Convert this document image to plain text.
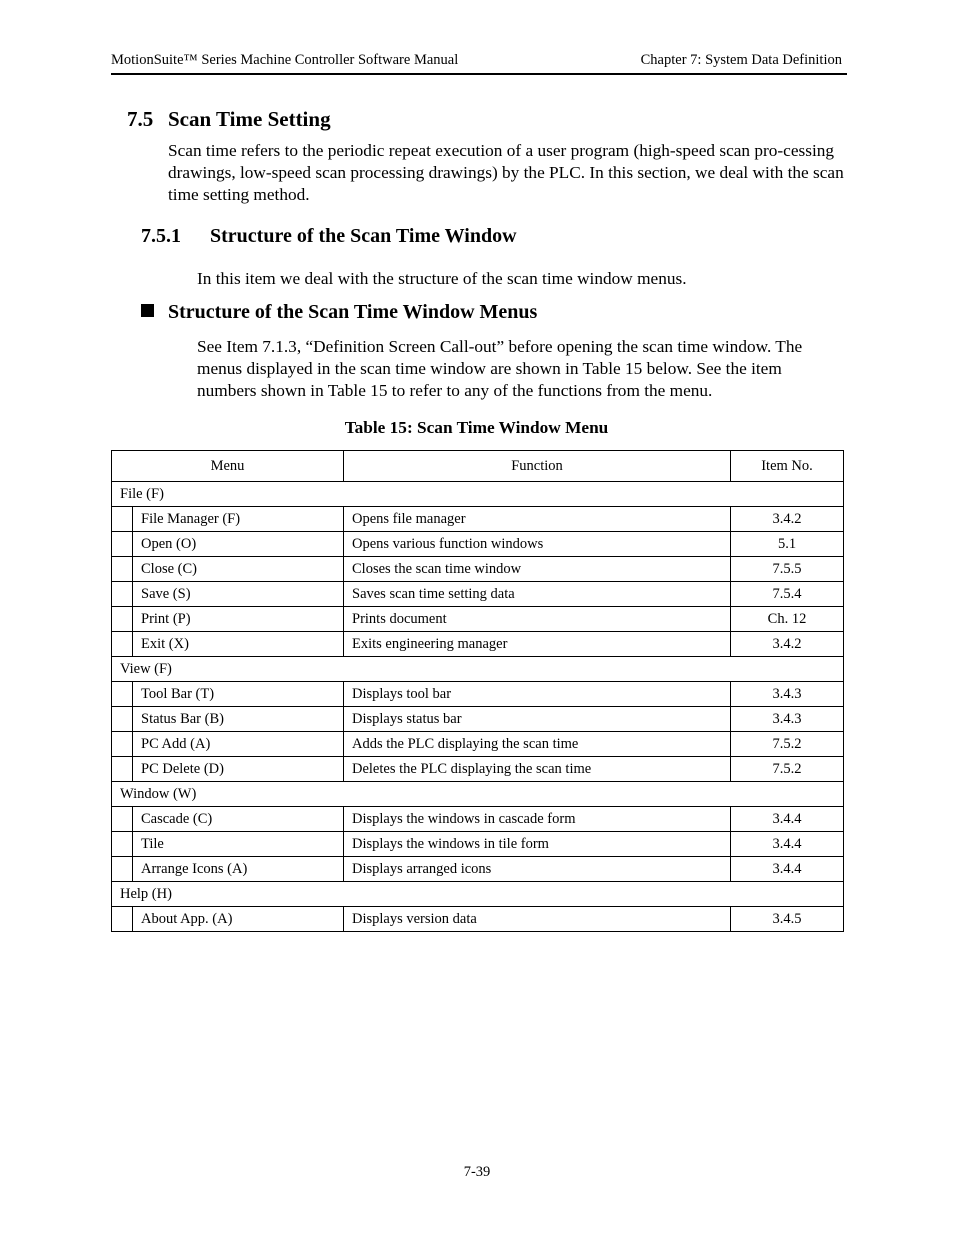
MotionSuite™ Series Machine Controller Software Manual	Chapter 7: System Data Definition
7.5 Scan Time Setting
Scan time refers to the periodic repeat execution of a user program (high-speed scan pro-cessing drawings, low-speed scan processing drawings) by the PLC. In this section, we deal with the scan time setting method.
7.5.1 Structure of the Scan Time Window
In this item we deal with the structure of the scan time window menus.
Structure of the Scan Time Window Menus
See Item 7.1.3, “Definition Screen Call-out” before opening the scan time window. The menus displayed in the scan time window are shown in Table 15 below. See the item numbers shown in Table 15 to refer to any of the functions from the menu.
Table 15: Scan Time Window Menu
Menu		Function	Item No.
File (F)			
	File Manager (F)	Opens file manager	3.4.2
	Open (O)	Opens various function windows	5.1
	Close (C)	Closes the scan time window	7.5.5
	Save (S)	Saves scan time setting data	7.5.4
	Print (P)	Prints document	Ch. 12
	Exit (X)	Exits engineering manager	3.4.2
View (F)			
	Tool Bar (T)	Displays tool bar	3.4.3
	Status Bar (B)	Displays status bar	3.4.3
	PC Add (A)	Adds the PLC displaying the scan time	7.5.2
	PC Delete (D)	Deletes the PLC displaying the scan time	7.5.2
Window (W)			
	Cascade (C)	Displays the windows in cascade form	3.4.4
	Tile	Displays the windows in tile form	3.4.4
	Arrange Icons (A)	Displays arranged icons	3.4.4
Help (H)			
	About App. (A)	Displays version data	3.4.5
7-39
